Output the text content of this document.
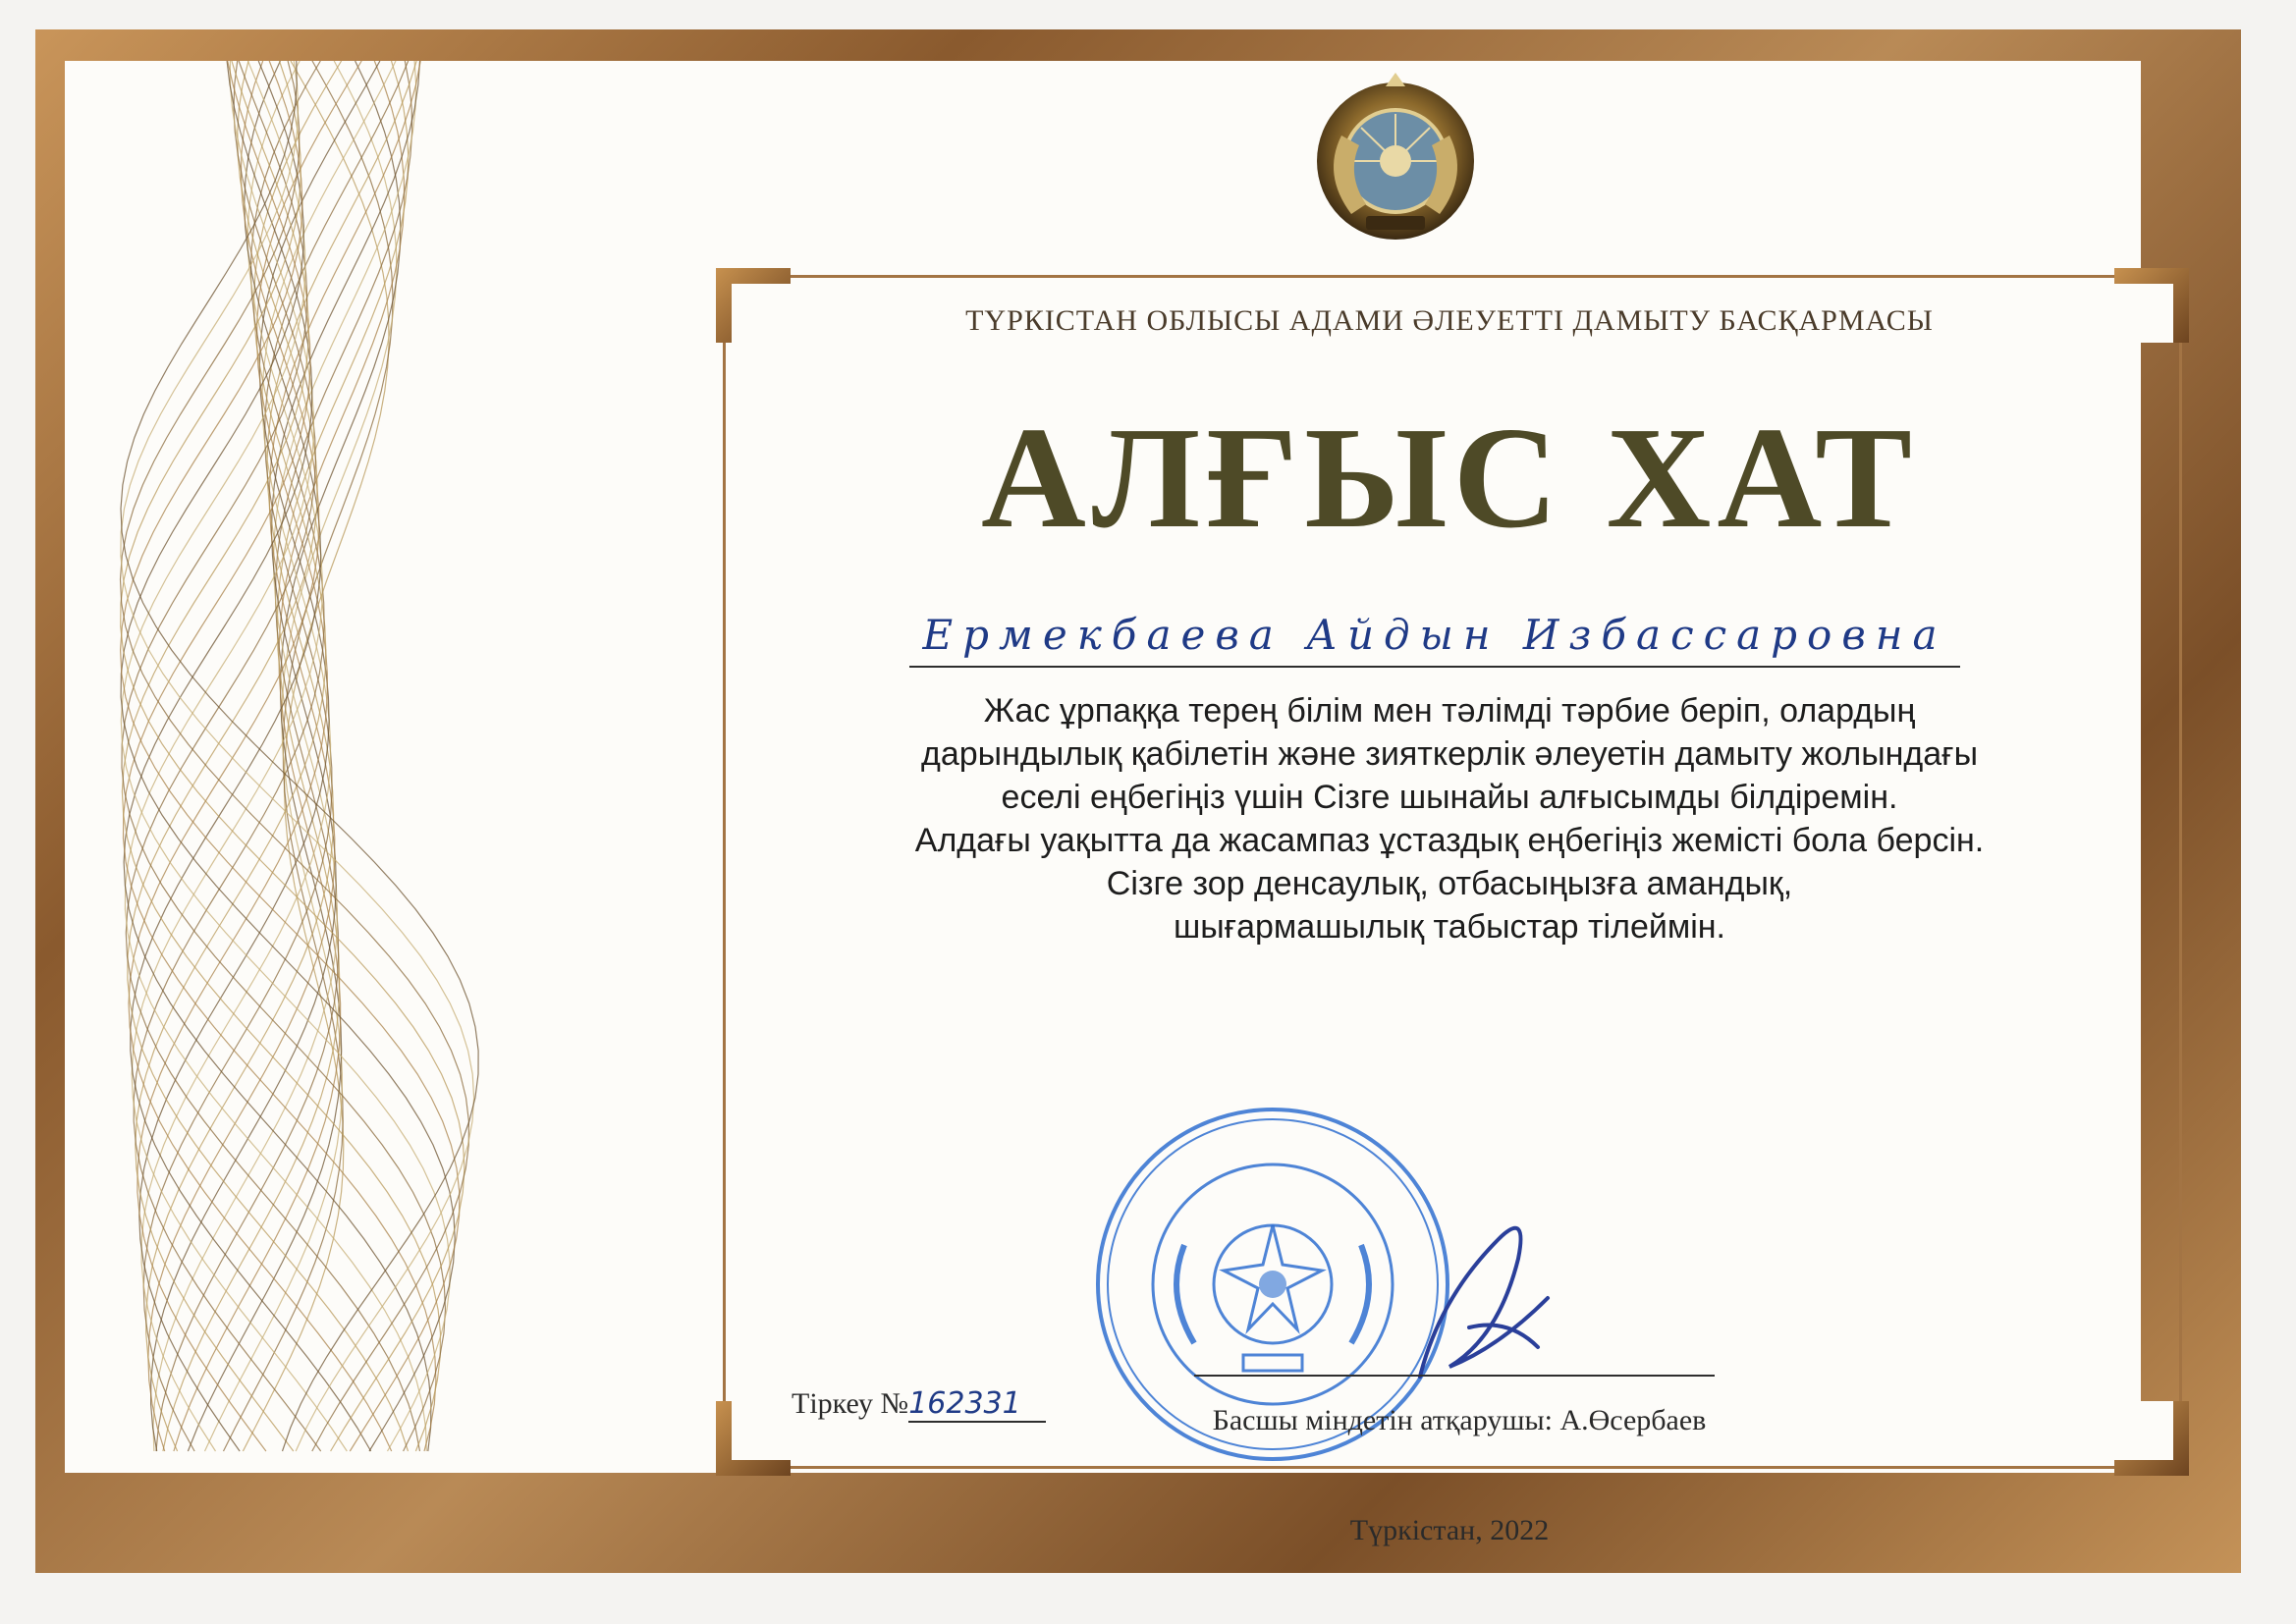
ТҮРКІСТАН ОБЛЫСЫ АДАМИ ӘЛЕУЕТТІ ДАМЫТУ БАСҚАРМАСЫ
АЛҒЫС ХАТ
Ермекбаева Айдын Избассаровна
Жас ұрпаққа терең білім мен тәлімді тәрбие беріп, олардың
дарындылық қабілетін және зияткерлік әлеуетін дамыту жолындағы
еселі еңбегіңіз үшін Сізге шынайы алғысымды білдіремін.
Алдағы уақытта да жасампаз ұстаздық еңбегіңіз жемісті бола берсін.
Сізге зор денсаулық, отбасыңызға амандық,
шығармашылық табыстар тілеймін.
Тіркеу №162331	Басшы міндетін атқарушы: А.Өсербаев
Түркістан, 2022
